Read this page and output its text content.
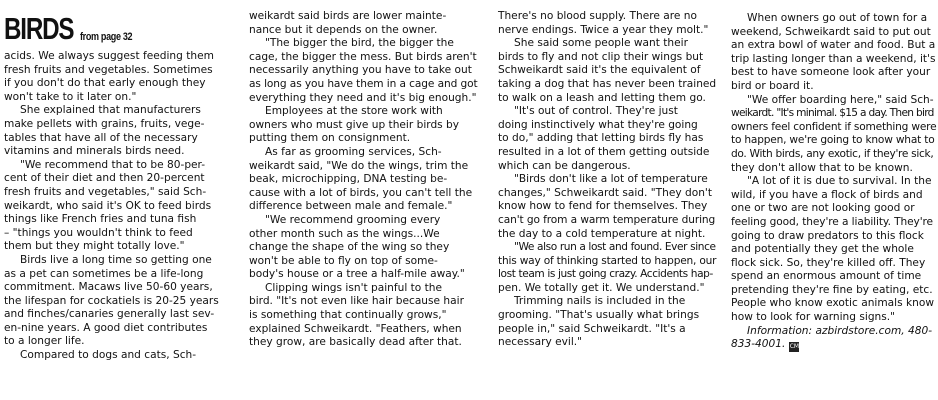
BIRDS from page 32

acids. We always suggest feeding them

fresh fruits and vegetables. Sometimes

if you don't do that early enough they

won't take to it later on."

She explained that manufacturers

make pellets with grains, fruits, vege-

tables that have all of the necessary

vitamins and minerals birds need.

"We recommend that to be 80-per-

cent of their diet and then 20-percent

fresh fruits and vegetables," said Sch-

weikardt, who said it's OK to feed birds

things like French fries and tuna fish

– "things you wouldn't think to feed

them but they might totally love."

Birds live a long time so getting one

as a pet can sometimes be a life-long

commitment. Macaws live 50-60 years,

the lifespan for cockatiels is 20-25 years

and finches/canaries generally last sev-

en-nine years. A good diet contributes

to a longer life.

Compared to dogs and cats, Sch-

weikardt said birds are lower mainte-

nance but it depends on the owner.

"The bigger the bird, the bigger the

cage, the bigger the mess. But birds aren't

necessarily anything you have to take out

as long as you have them in a cage and got

everything they need and it's big enough."

Employees at the store work with

owners who must give up their birds by

putting them on consignment.

As far as grooming services, Sch-

weikardt said, "We do the wings, trim the

beak, microchipping, DNA testing be-

cause with a lot of birds, you can't tell the

difference between male and female."

"We recommend grooming every

other month such as the wings...We

change the shape of the wing so they

won't be able to fly on top of some-

body's house or a tree a half-mile away."

Clipping wings isn't painful to the

bird. "It's not even like hair because hair

is something that continually grows,"

explained Schweikardt. "Feathers, when

they grow, are basically dead after that.

There's no blood supply. There are no

nerve endings. Twice a year they molt."

She said some people want their

birds to fly and not clip their wings but

Schweikardt said it's the equivalent of

taking a dog that has never been trained

to walk on a leash and letting them go.

"It's out of control. They're just

doing instinctively what they're going

to do," adding that letting birds fly has

resulted in a lot of them getting outside

which can be dangerous.

"Birds don't like a lot of temperature

changes," Schweikardt said. "They don't

know how to fend for themselves. They

can't go from a warm temperature during

the day to a cold temperature at night.

"We also run a lost and found. Ever since

this way of thinking started to happen, our

lost team is just going crazy. Accidents hap-

pen. We totally get it. We understand."

Trimming nails is included in the

grooming. "That's usually what brings

people in," said Schweikardt. "It's a

necessary evil."

When owners go out of town for a

weekend, Schweikardt said to put out

an extra bowl of water and food. But a

trip lasting longer than a weekend, it's

best to have someone look after your

bird or board it.

"We offer boarding here," said Sch-

weikardt. "It's minimal. $15 a day. Then bird

owners feel confident if something were

to happen, we're going to know what to

do. With birds, any exotic, if they're sick,

they don't allow that to be known.

"A lot of it is due to survival. In the

wild, if you have a flock of birds and

one or two are not looking good or

feeling good, they're a liability. They're

going to draw predators to this flock

and potentially they get the whole

flock sick. So, they're killed off. They

spend an enormous amount of time

pretending they're fine by eating, etc.

People who know exotic animals know

how to look for warning signs."

Information: azbirdstore.com, 480-

833-4001. CM
